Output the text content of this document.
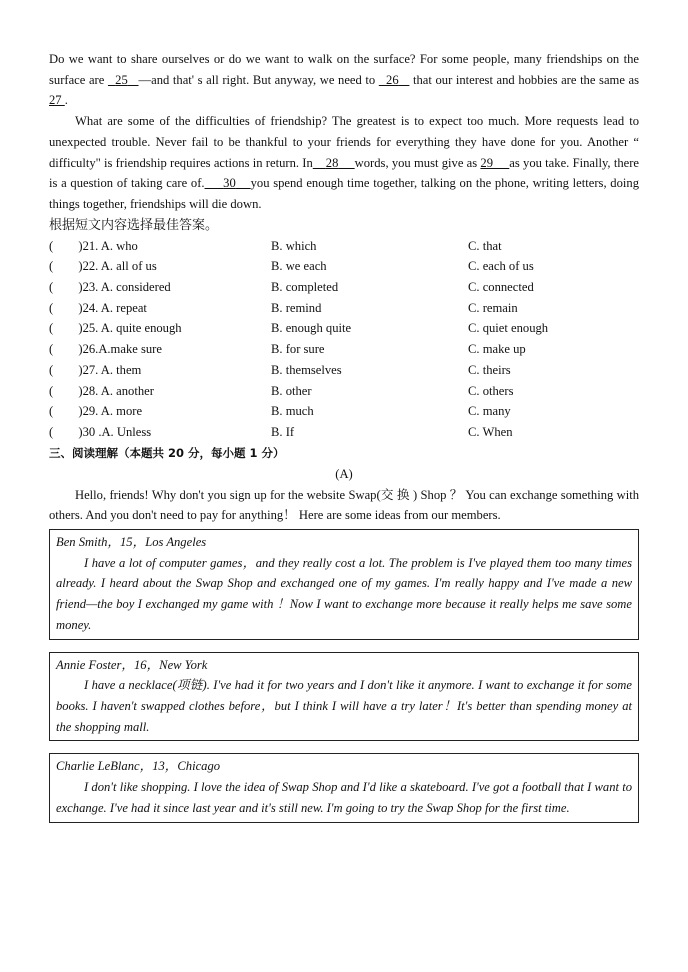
Do we want to share ourselves or do we want to walk on the surface? For some people, many friendships on the surface are   25 —and that' s all right. But anyway, we need to   26    that our interest and hobbies are the same as 27 .

What are some of the difficulties of friendship? The greatest is to expect too much. More requests lead to unexpected trouble. Never fail to be thankful to your friends for everything they have done for you. Another “ difficulty" is friendship requires actions in return. In 28 words, you must give as 29 as you take. Finally, there is a question of taking care of. 30 you spend enough time together, talking on the phone, writing letters, doing things together, friendships will die down.

根据短文内容选择最佳答案。

(　　)21. A. who	B. which	C. that
(　　)22. A. all of us	B. we each	C. each of us
(　　)23. A. considered	B. completed	C. connected
(　　)24. A. repeat	B. remind	C. remain
(　　)25. A. quite enough	B. enough quite	C. quiet enough
(　　)26.A.make sure	B. for sure	C. make up
(　　)27. A. them	B. themselves	C. theirs
(　　)28. A. another	B. other	C. others
(　　)29. A. more	B. much	C. many
(　　)30 .A. Unless	B. If	C. When

三、阅读理解（本题共 20 分，每小题 1 分）

(A)

Hello, friends! Why don't you sign up for the website Swap(交 换 ) Shop ？ You can exchange something with others. And you don't need to pay for anything！ Here are some ideas from our members.

Ben Smith，15，Los Angeles

I have a lot of computer games，and they really cost a lot. The problem is I've played them too many times already. I heard about the Swap Shop and exchanged one of my games. I'm really happy and I've made a new friend—the boy I exchanged my game with ！Now I want to exchange more because it really helps me save some money.

Annie Foster，16，New York

I have a necklace(项链). I've had it for two years and I don't like it anymore. I want to exchange it for some books. I haven't swapped clothes before，but I think I will have a try later！It's better than spending money at the shopping mall.

Charlie LeBlanc，13，Chicago

I don't like shopping. I love the idea of Swap Shop and I'd like a skateboard. I've got a football that I want to exchange. I've had it since last year and it's still new. I'm going to try the Swap Shop for the first time.
